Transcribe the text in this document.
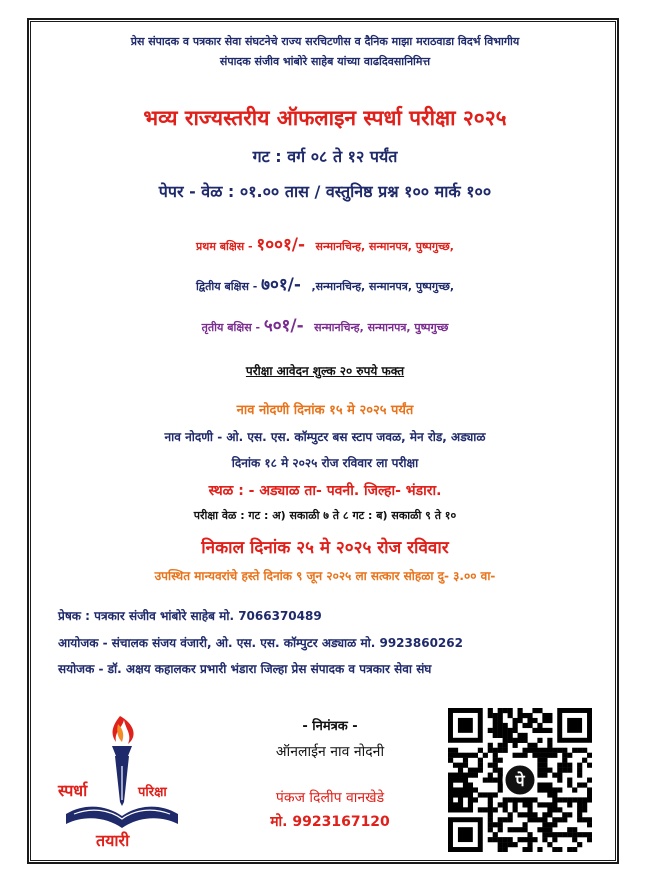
प्रेस संपादक व पत्रकार सेवा संघटनेचे राज्य सरचिटणीस व दैनिक माझा मराठवाडा विदर्भ विभागीय
संपादक संजीव भांबोरे साहेब यांच्या वाढदिवसानिमित्त
भव्य राज्यस्तरीय ऑफलाइन स्पर्धा परीक्षा २०२५
गट : वर्ग ०८ ते १२ पर्यंत
पेपर - वेळ : ०१.०० तास / वस्तुनिष्ठ प्रश्न १०० मार्क १००
प्रथम बक्षिस - १००१/- सन्मानचिन्ह, सन्मानपत्र, पुष्पगुच्छ,
द्वितीय बक्षिस - ७०१/- ,सन्मानचिन्ह, सन्मानपत्र, पुष्पगुच्छ,
तृतीय बक्षिस - ५०१/- सन्मानचिन्ह, सन्मानपत्र, पुष्पगुच्छ
परीक्षा आवेदन शुल्क २० रुपये फक्त
नाव नोदणी दिनांक १५ मे २०२५ पर्यंत
नाव नोदणी - ओ. एस. एस. कॉम्पुटर बस स्टाप जवळ, मेन रोड, अड्याळ
दिनांक १८ मे २०२५ रोज रविवार ला परीक्षा
स्थळ : - अड्याळ ता- पवनी. जिल्हा- भंडारा.
परीक्षा वेळ : गट : अ) सकाळी ७ ते ८ गट : ब) सकाळी ९ ते १०
निकाल दिनांक २५ मे २०२५ रोज रविवार
उपस्थित मान्यवरांचे हस्ते दिनांक ९ जून २०२५ ला सत्कार सोहळा दु- ३.०० वा-
प्रेषक : पत्रकार संजीव भांबोरे साहेब मो. 7066370489
आयोजक - संचालक संजय वंजारी, ओ. एस. एस. कॉम्पुटर अड्याळ मो. 9923860262
सयोजक - डॉ. अक्षय कहालकर प्रभारी भंडारा जिल्हा प्रेस संपादक व पत्रकार सेवा संघ
स्पर्धा	परिक्षा
तयारी
- निमंत्रक -
ऑनलाईन नाव नोदनी
पंकज दिलीप वानखेडे
मो. 9923167120
पे
